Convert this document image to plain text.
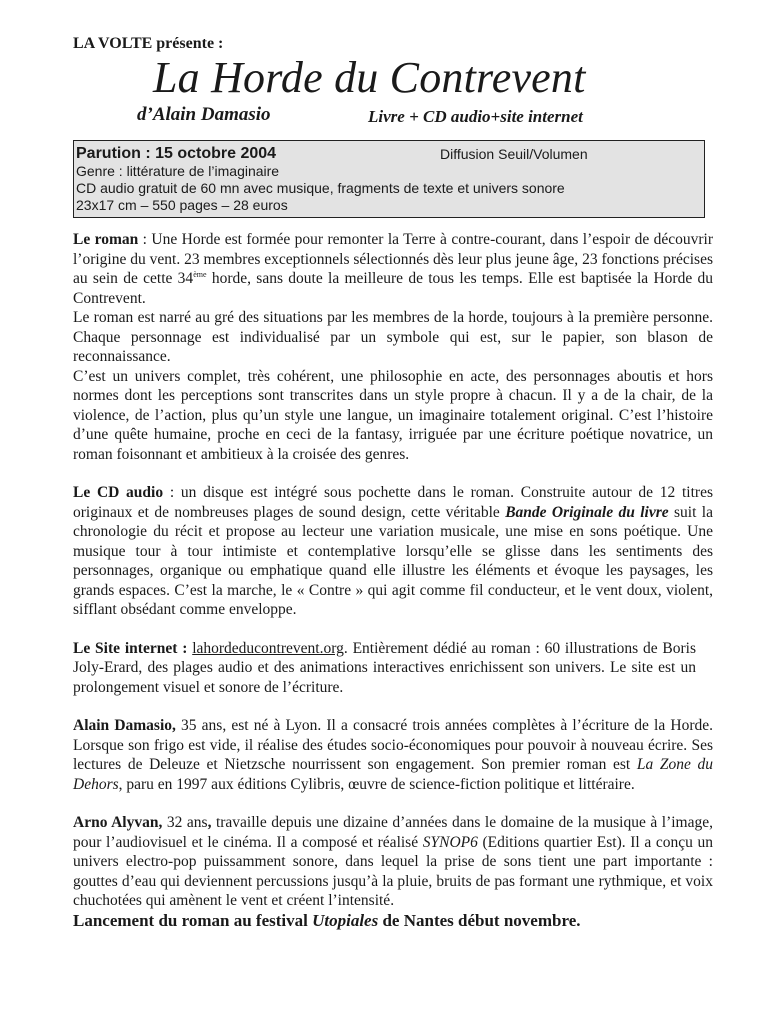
LA VOLTE présente :
La Horde du Contrevent
d’Alain Damasio	Livre + CD audio+site internet
Parution : 15 octobre 2004	Diffusion Seuil/Volumen
Genre : littérature de l’imaginaire
CD audio gratuit de 60 mn avec musique, fragments de texte et univers sonore
23x17 cm – 550 pages – 28 euros

Le roman : Une Horde est formée pour remonter la Terre à contre-courant, dans l’espoir de découvrir l’origine du vent. 23 membres exceptionnels sélectionnés dès leur plus jeune âge, 23 fonctions précises au sein de cette 34ème horde, sans doute la meilleure de tous les temps. Elle est baptisée la Horde du Contrevent.

Le roman est narré au gré des situations par les membres de la horde, toujours à la première personne. Chaque personnage est individualisé par un symbole qui est, sur le papier, son blason de reconnaissance.

C’est un univers complet, très cohérent, une philosophie en acte, des personnages aboutis et hors normes dont les perceptions sont transcrites dans un style propre à chacun. Il y a de la chair, de la violence, de l’action, plus qu’un style une langue, un imaginaire totalement original. C’est l’histoire d’une quête humaine, proche en ceci de la fantasy, irriguée par une écriture poétique novatrice, un roman foisonnant et ambitieux à la croisée des genres.

Le CD audio : un disque est intégré sous pochette dans le roman. Construite autour de 12 titres originaux et de nombreuses plages de sound design, cette véritable Bande Originale du livre suit la chronologie du récit et propose au lecteur une variation musicale, une mise en sons poétique. Une musique tour à tour intimiste et contemplative lorsqu’elle se glisse dans les sentiments des personnages, organique ou emphatique quand elle illustre les éléments et évoque les paysages, les grands espaces. C’est la marche, le « Contre » qui agit comme fil conducteur, et le vent doux, violent, sifflant obsédant comme enveloppe.

Le Site internet : lahordeducontrevent.org. Entièrement dédié au roman : 60 illustrations de Boris Joly-Erard, des plages audio et des animations interactives enrichissent son univers. Le site est un prolongement visuel et sonore de l’écriture.

Alain Damasio, 35 ans, est né à Lyon. Il a consacré trois années complètes à l’écriture de la Horde. Lorsque son frigo est vide, il réalise des études socio-économiques pour pouvoir à nouveau écrire. Ses lectures de Deleuze et Nietzsche nourrissent son engagement. Son premier roman est La Zone du Dehors, paru en 1997 aux éditions Cylibris, œuvre de science-fiction politique et littéraire.

Arno Alyvan, 32 ans, travaille depuis une dizaine d’années dans le domaine de la musique à l’image, pour l’audiovisuel et le cinéma. Il a composé et réalisé SYNOP6 (Editions quartier Est). Il a conçu un univers electro-pop puissamment sonore, dans lequel la prise de sons tient une part importante : gouttes d’eau qui deviennent percussions jusqu’à la pluie, bruits de pas formant une rythmique, et voix chuchotées qui amènent le vent et créent l’intensité.

Lancement du roman au festival Utopiales de Nantes début novembre.
